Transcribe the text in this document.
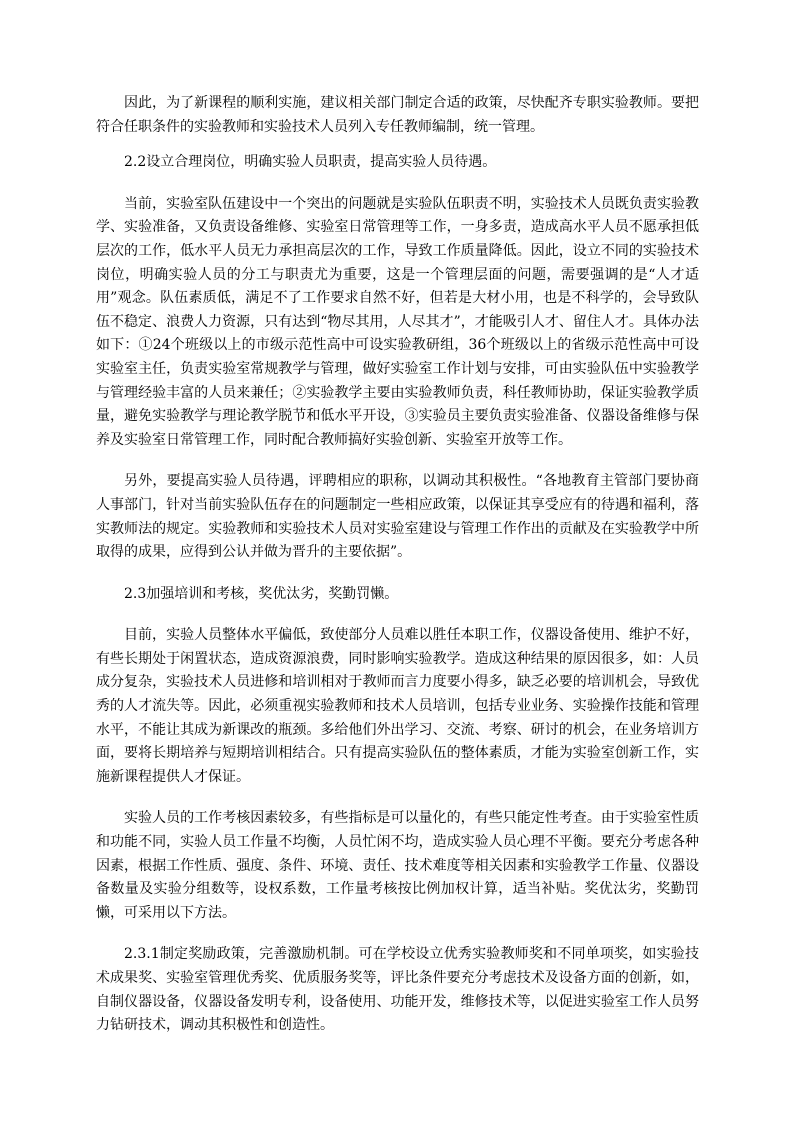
因此，为了新课程的顺利实施，建议相关部门制定合适的政策，尽快配齐专职实验教师。要把符合任职条件的实验教师和实验技术人员列入专任教师编制，统一管理。

2.2设立合理岗位，明确实验人员职责，提高实验人员待遇。

当前，实验室队伍建设中一个突出的问题就是实验队伍职责不明，实验技术人员既负责实验教学、实验准备，又负责设备维修、实验室日常管理等工作，一身多责，造成高水平人员不愿承担低层次的工作，低水平人员无力承担高层次的工作，导致工作质量降低。因此，设立不同的实验技术岗位，明确实验人员的分工与职责尤为重要，这是一个管理层面的问题，需要强调的是“人才适用”观念。队伍素质低，满足不了工作要求自然不好，但若是大材小用，也是不科学的，会导致队伍不稳定、浪费人力资源，只有达到“物尽其用，人尽其才”，才能吸引人才、留住人才。具体办法如下：①24个班级以上的市级示范性高中可设实验教研组，36个班级以上的省级示范性高中可设实验室主任，负责实验室常规教学与管理，做好实验室工作计划与安排，可由实验队伍中实验教学与管理经验丰富的人员来兼任；②实验教学主要由实验教师负责，科任教师协助，保证实验教学质量，避免实验教学与理论教学脱节和低水平开设，③实验员主要负责实验准备、仪器设备维修与保养及实验室日常管理工作，同时配合教师搞好实验创新、实验室开放等工作。

另外，要提高实验人员待遇，评聘相应的职称，以调动其积极性。“各地教育主管部门要协商人事部门，针对当前实验队伍存在的问题制定一些相应政策，以保证其享受应有的待遇和福利，落实教师法的规定。实验教师和实验技术人员对实验室建设与管理工作作出的贡献及在实验教学中所取得的成果，应得到公认并做为晋升的主要依据”。

2.3加强培训和考核，奖优汰劣，奖勤罚懒。

目前，实验人员整体水平偏低，致使部分人员难以胜任本职工作，仪器设备使用、维护不好，有些长期处于闲置状态，造成资源浪费，同时影响实验教学。造成这种结果的原因很多，如：人员成分复杂，实验技术人员进修和培训相对于教师而言力度要小得多，缺乏必要的培训机会，导致优秀的人才流失等。因此，必须重视实验教师和技术人员培训，包括专业业务、实验操作技能和管理水平，不能让其成为新课改的瓶颈。多给他们外出学习、交流、考察、研讨的机会，在业务培训方面，要将长期培养与短期培训相结合。只有提高实验队伍的整体素质，才能为实验室创新工作，实施新课程提供人才保证。

实验人员的工作考核因素较多，有些指标是可以量化的，有些只能定性考查。由于实验室性质和功能不同，实验人员工作量不均衡，人员忙闲不均，造成实验人员心理不平衡。要充分考虑各种因素，根据工作性质、强度、条件、环境、责任、技术难度等相关因素和实验教学工作量、仪器设备数量及实验分组数等，设权系数，工作量考核按比例加权计算，适当补贴。奖优汰劣，奖勤罚懒，可采用以下方法。

2.3.1制定奖励政策，完善激励机制。可在学校设立优秀实验教师奖和不同单项奖，如实验技术成果奖、实验室管理优秀奖、优质服务奖等，评比条件要充分考虑技术及设备方面的创新，如，自制仪器设备，仪器设备发明专利，设备使用、功能开发，维修技术等，以促进实验室工作人员努力钻研技术，调动其积极性和创造性。
